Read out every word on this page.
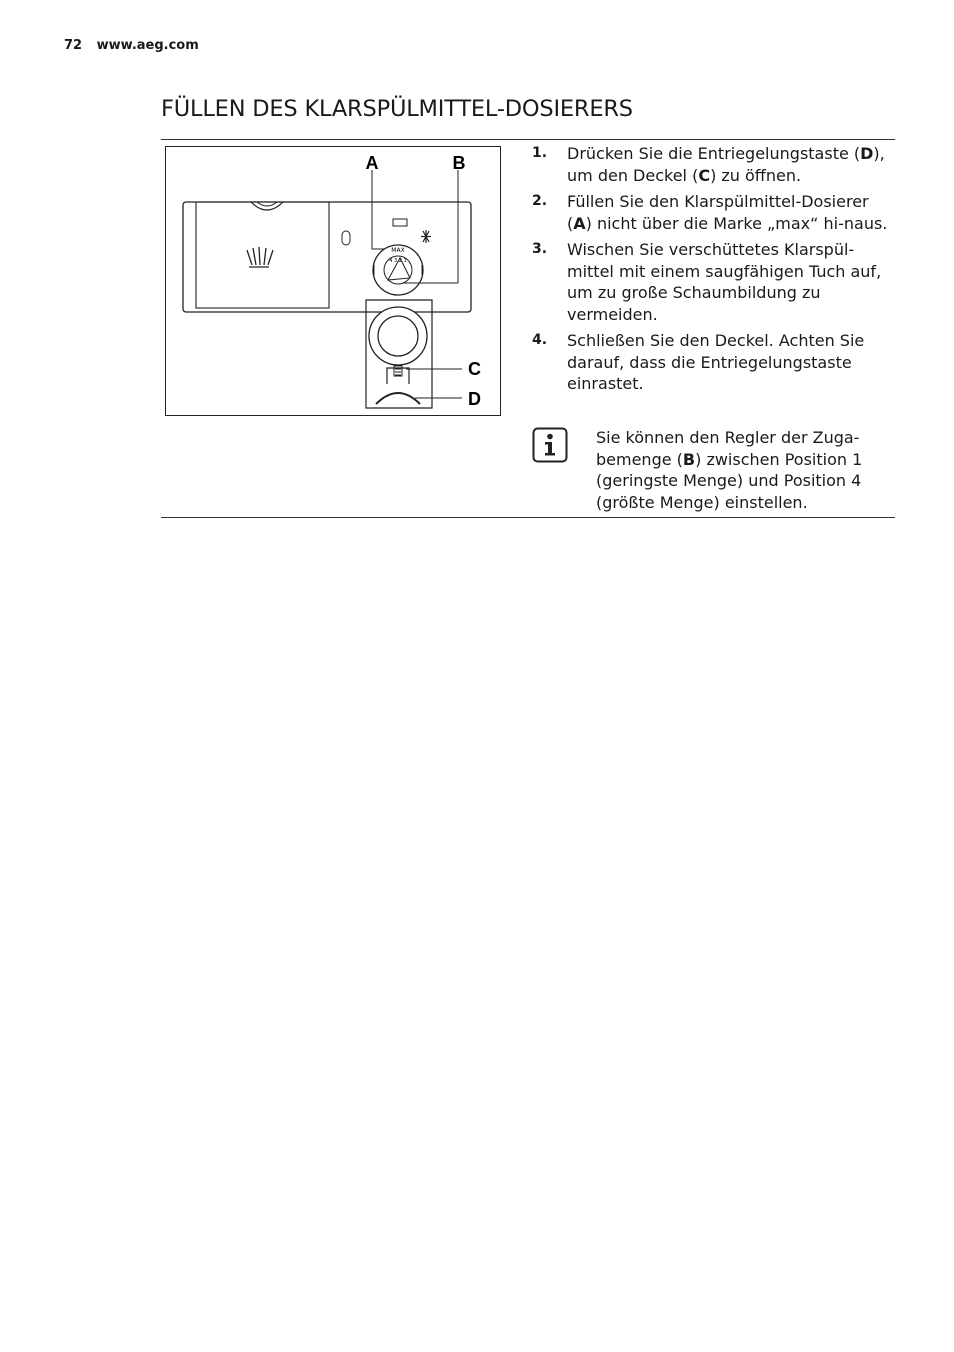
72 www.aeg.com
FÜLLEN DES KLARSPÜLMITTEL-DOSIERERS
MAX
4 3 2 1
A	B
C
D
1.	Drücken Sie die Entriegelungstaste (D), um den Deckel (C) zu öffnen.
2.	Füllen Sie den Klarspülmittel-Dosierer (A) nicht über die Marke „max“ hi-naus.
3.	Wischen Sie verschüttetes Klarspül-mittel mit einem saugfähigen Tuch auf, um zu große Schaumbildung zu vermeiden.
4.	Schließen Sie den Deckel. Achten Sie darauf, dass die Entriegelungstaste einrastet.
Sie können den Regler der Zuga-bemenge (B) zwischen Position 1 (geringste Menge) und Position 4 (größte Menge) einstellen.
